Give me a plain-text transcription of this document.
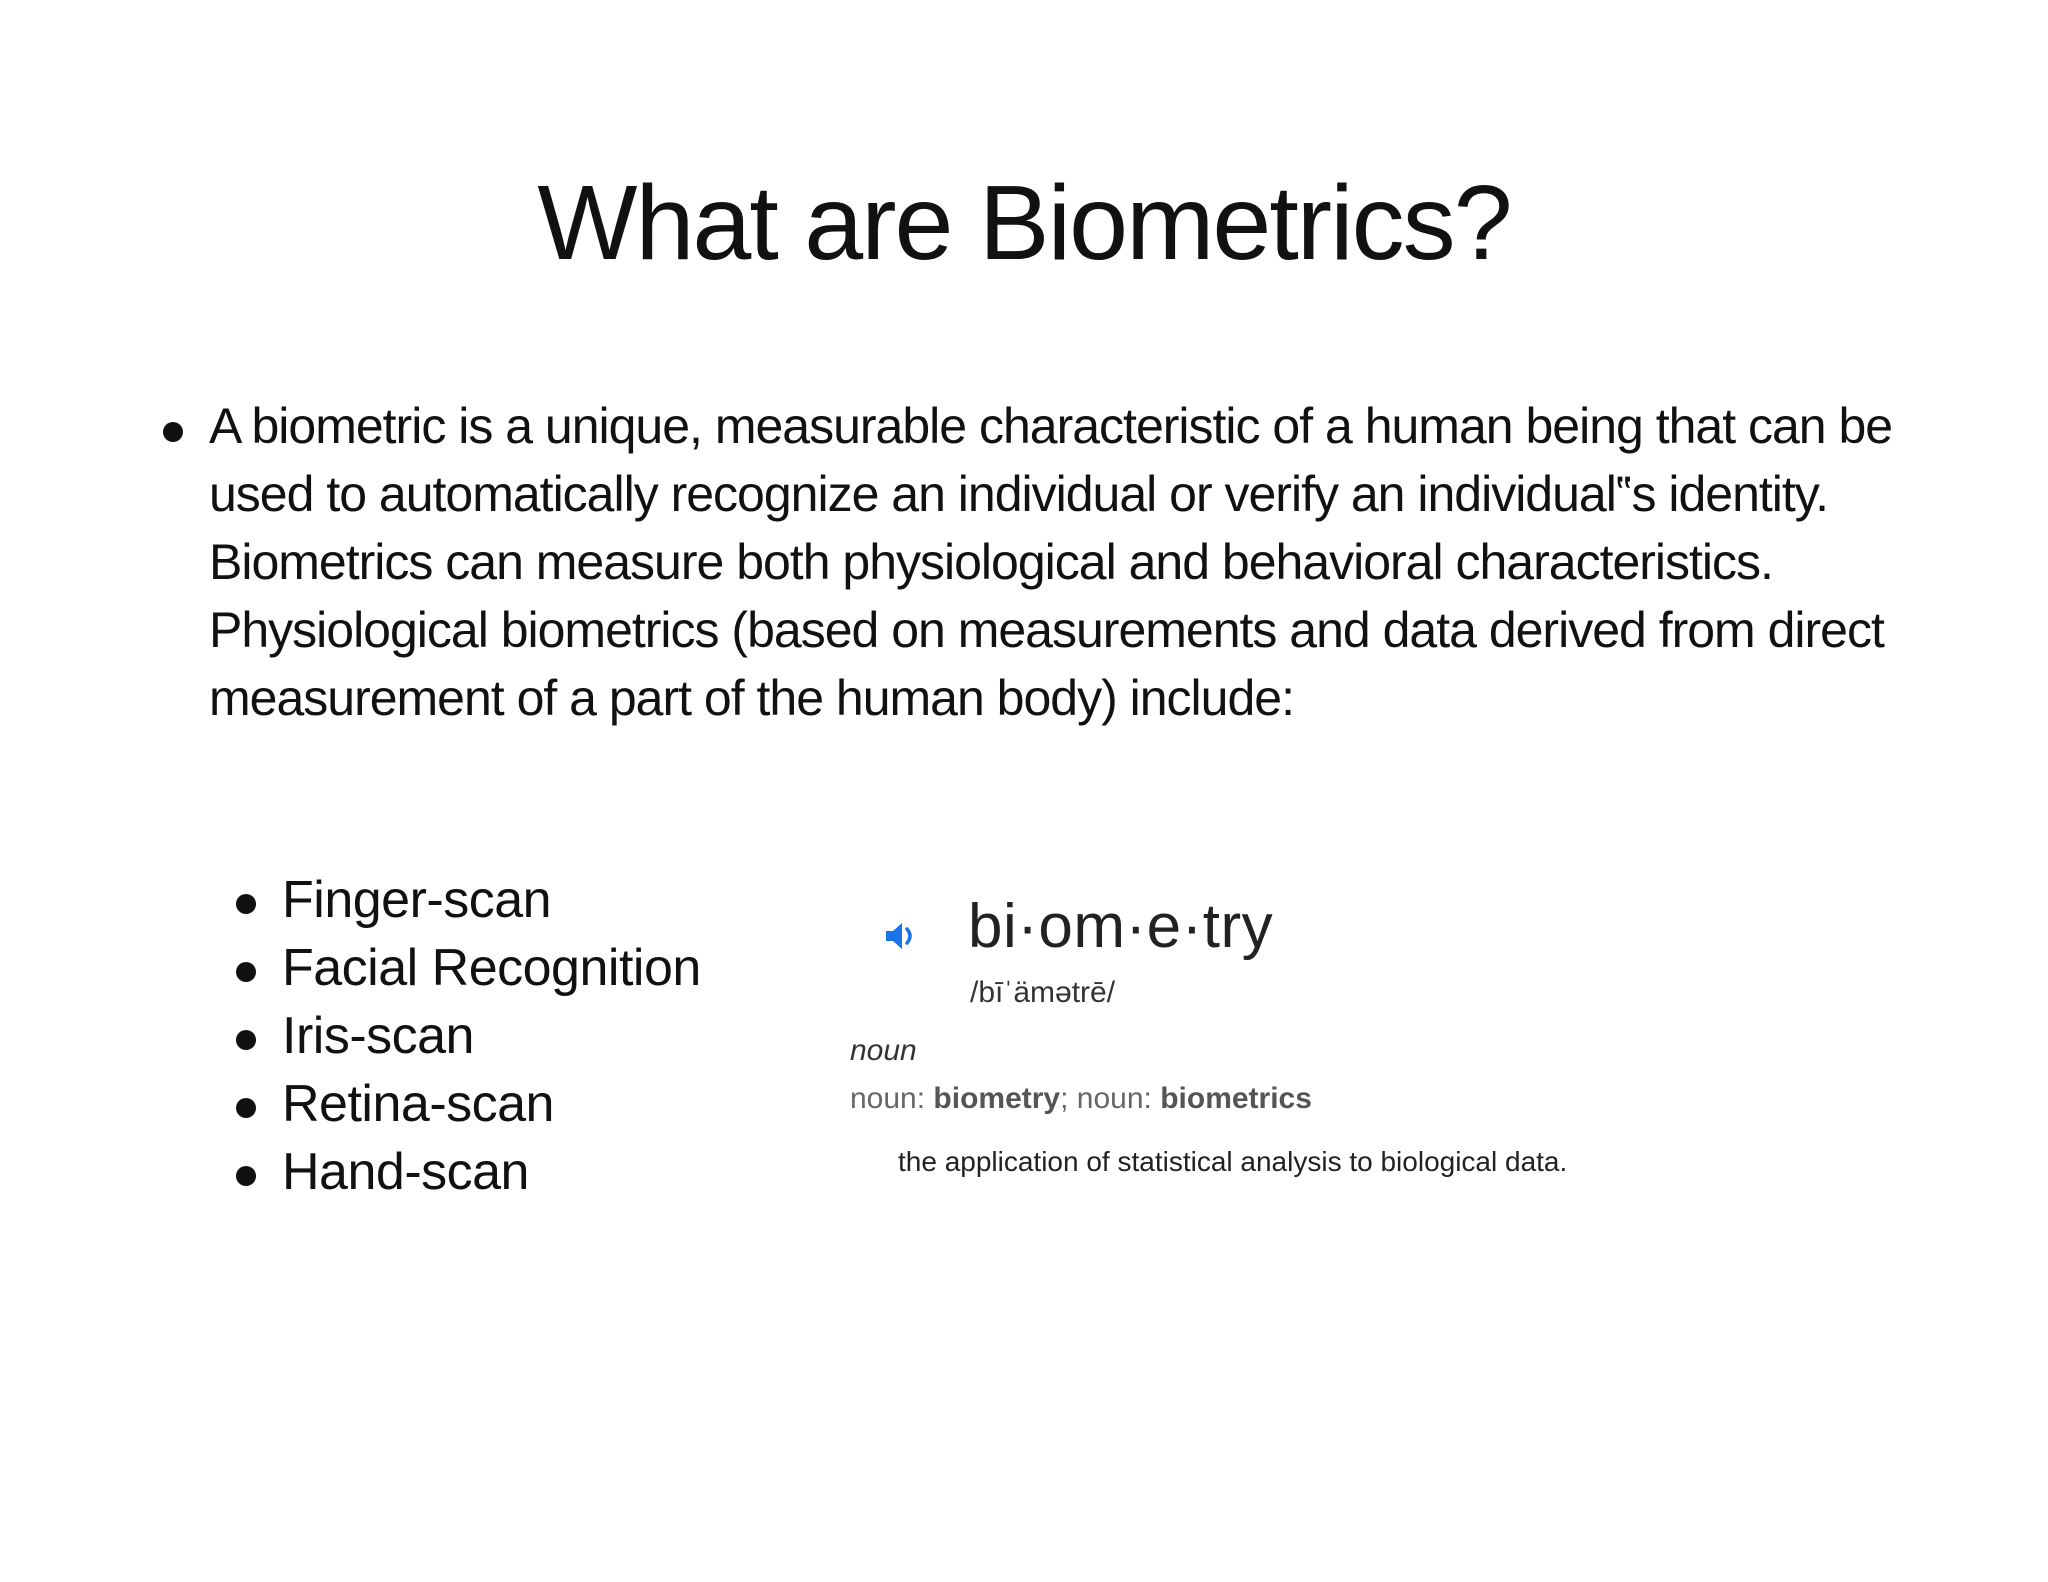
What are Biometrics?

A biometric is a unique, measurable characteristic of a human being that can be used to automatically recognize an individual or verify an individual‟s identity. Biometrics can measure both physiological and behavioral characteristics. Physiological biometrics (based on measurements and data derived from direct measurement of a part of the human body) include:

Finger-scan
Facial Recognition
Iris-scan
Retina-scan
Hand-scan
bi·om·e·try
/bīˈämətrē/
noun
noun: biometry; noun: biometrics
the application of statistical analysis to biological data.
